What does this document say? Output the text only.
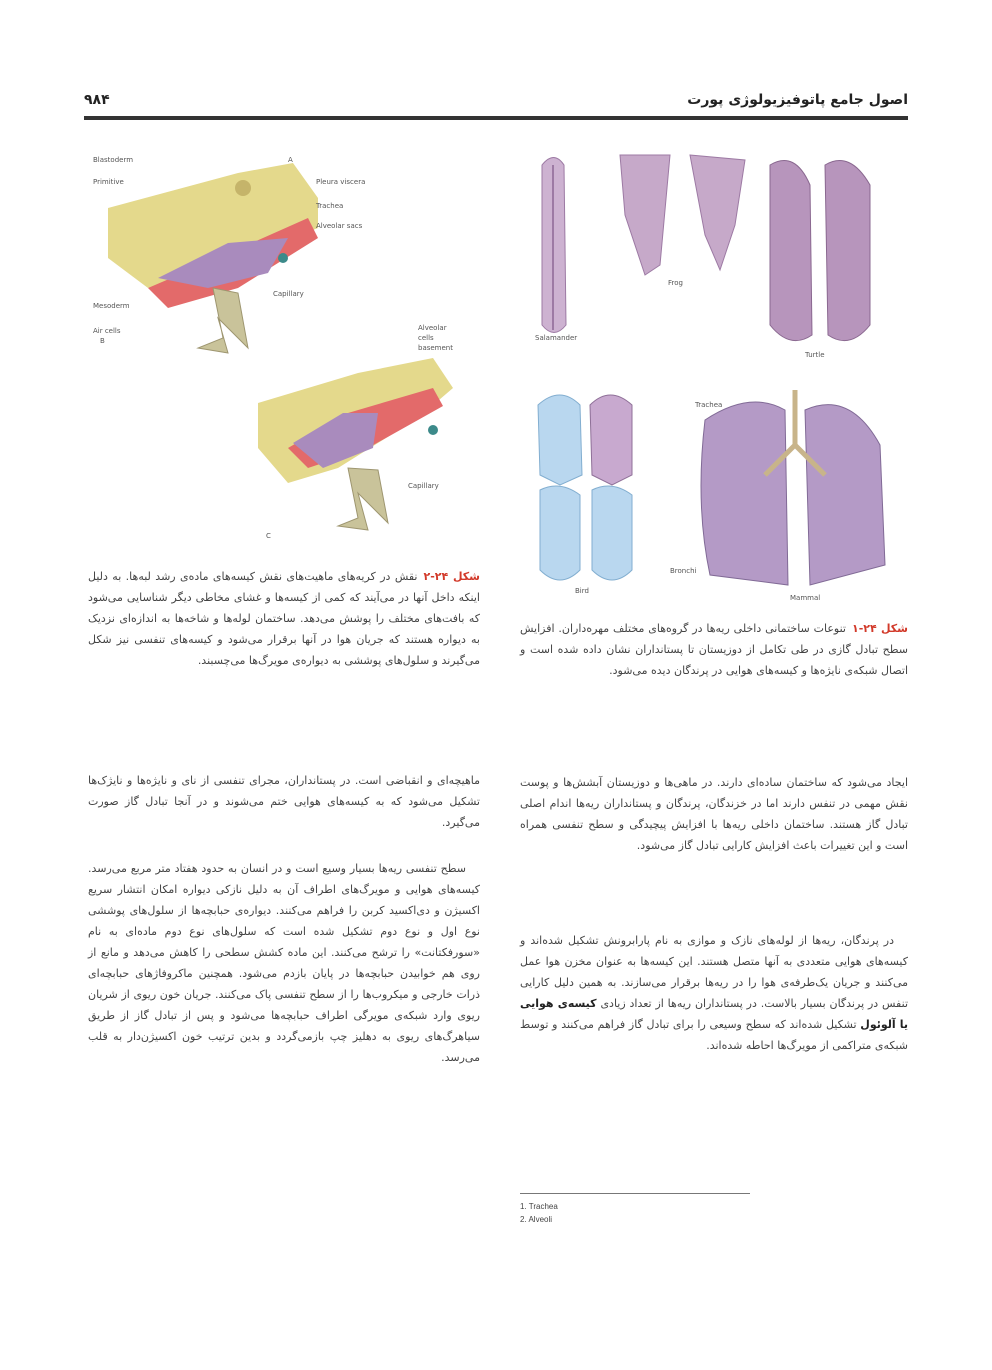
اصول جامع پاتوفیزیولوژی پورت
۹۸۴
Blastoderm
Primitive
Mesoderm
Pleura viscera
Trachea
Alveolar sacs
Capillary
Air cells
A
B
Alveolar
cells
basement
Capillary
C
Salamander
Frog
Turtle
Bird
Trachea
Bronchi
Mammal
شکل ۲۴-۲نقش در کریه‌های ماهیت‌های نقش کیسه‌های ماده‌ی رشد لبه‌ها. به دلیل اینکه داخل آنها در می‌آیند که کمی از کیسه‌ها و غشای مخاطی دیگر شناسایی می‌شود که بافت‌های مختلف را پوشش می‌دهد. ساختمان لوله‌ها و شاخه‌ها به اندازه‌ای نزدیک به دیواره هستند که جریان هوا در آنها برقرار می‌شود و کیسه‌های تنفسی نیز شکل می‌گیرند و سلول‌های پوششی به دیواره‌ی مویرگ‌ها می‌چسبند.
شکل ۲۴-۱تنوعات ساختمانی داخلی ریه‌ها در گروه‌های مختلف مهره‌داران. افزایش سطح تبادل گازی در طی تکامل از دوزیستان تا پستانداران نشان داده شده است و اتصال شبکه‌ی نایژه‌ها و کیسه‌های هوایی در پرندگان دیده می‌شود.
ماهیچه‌ای و انقباضی است. در پستانداران، مجرای تنفسی از نای و نایژه‌ها و نایژک‌ها تشکیل می‌شود که به کیسه‌های هوایی ختم می‌شوند و در آنجا تبادل گاز صورت می‌گیرد.
سطح تنفسی ریه‌ها بسیار وسیع است و در انسان به حدود هفتاد متر مربع می‌رسد. کیسه‌های هوایی و مویرگ‌های اطراف آن به دلیل نازکی دیواره امکان انتشار سریع اکسیژن و دی‌اکسید کربن را فراهم می‌کنند. دیواره‌ی حبابچه‌ها از سلول‌های پوششی نوع اول و نوع دوم تشکیل شده است که سلول‌های نوع دوم ماده‌ای به نام «سورفکتانت» را ترشح می‌کنند. این ماده کشش سطحی را کاهش می‌دهد و مانع از روی هم خوابیدن حبابچه‌ها در پایان بازدم می‌شود. همچنین ماکروفاژهای حبابچه‌ای ذرات خارجی و میکروب‌ها را از سطح تنفسی پاک می‌کنند. جریان خون ریوی از شریان ریوی وارد شبکه‌ی مویرگی اطراف حبابچه‌ها می‌شود و پس از تبادل گاز از طریق سیاهرگ‌های ریوی به دهلیز چپ بازمی‌گردد و بدین ترتیب خون اکسیژن‌دار به قلب می‌رسد.
ایجاد می‌شود که ساختمان ساده‌ای دارند. در ماهی‌ها و دوزیستان آبشش‌ها و پوست نقش مهمی در تنفس دارند اما در خزندگان، پرندگان و پستانداران ریه‌ها اندام اصلی تبادل گاز هستند. ساختمان داخلی ریه‌ها با افزایش پیچیدگی و سطح تنفسی همراه است و این تغییرات باعث افزایش کارایی تبادل گاز می‌شود.
در پرندگان، ریه‌ها از لوله‌های نازک و موازی به نام پارابرونش تشکیل شده‌اند و کیسه‌های هوایی متعددی به آنها متصل هستند. این کیسه‌ها به عنوان مخزن هوا عمل می‌کنند و جریان یک‌طرفه‌ی هوا را در ریه‌ها برقرار می‌سازند. به همین دلیل کارایی تنفس در پرندگان بسیار بالاست. در پستانداران ریه‌ها از تعداد زیادی کیسه‌ی هوایی یا آلوئول تشکیل شده‌اند که سطح وسیعی را برای تبادل گاز فراهم می‌کنند و توسط شبکه‌ی متراکمی از مویرگ‌ها احاطه شده‌اند.
1. Trachea
2. Alveoli
